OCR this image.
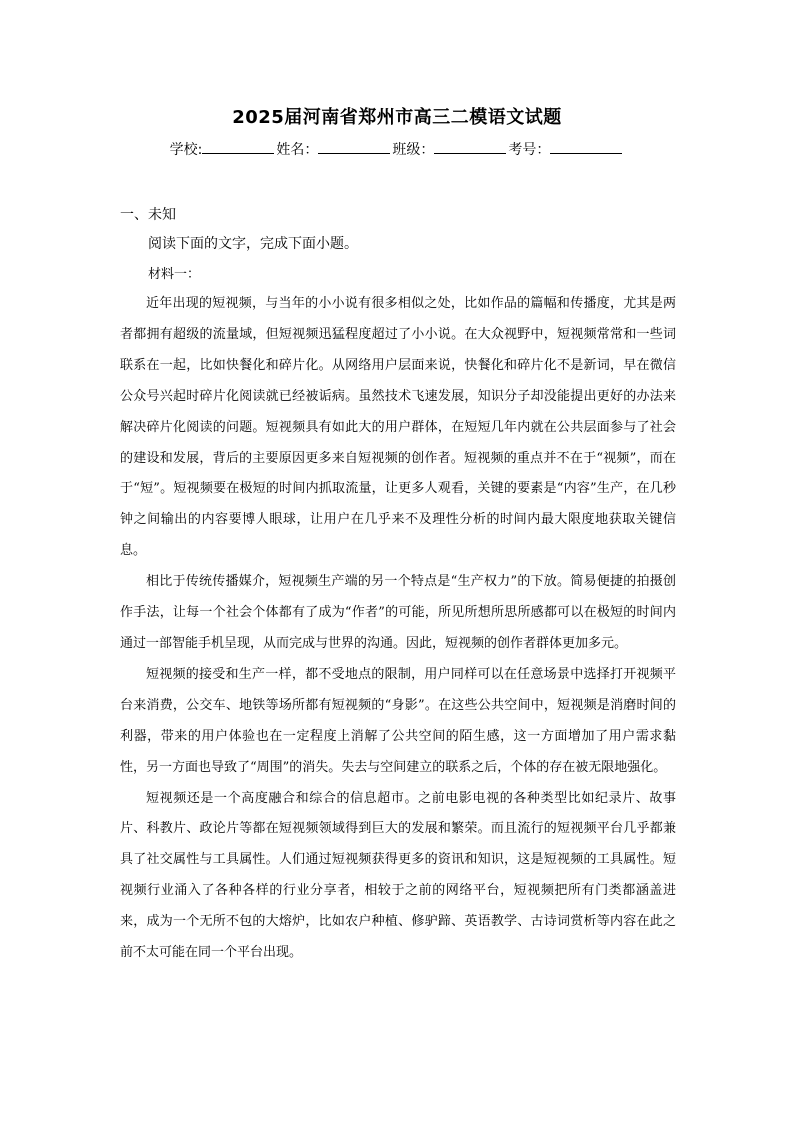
2025届河南省郑州市高三二模语文试题
学校:	姓名：	班级：	考号：
一、未知
阅读下面的文字，完成下面小题。
材料一：

近年出现的短视频，与当年的小小说有很多相似之处，比如作品的篇幅和传播度，尤其是两者都拥有超级的流量域，但短视频迅猛程度超过了小小说。在大众视野中，短视频常常和一些词联系在一起，比如快餐化和碎片化。从网络用户层面来说，快餐化和碎片化不是新词，早在微信公众号兴起时碎片化阅读就已经被诟病。虽然技术飞速发展，知识分子却没能提出更好的办法来解决碎片化阅读的问题。短视频具有如此大的用户群体，在短短几年内就在公共层面参与了社会的建设和发展，背后的主要原因更多来自短视频的创作者。短视频的重点并不在于“视频”，而在于“短”。短视频要在极短的时间内抓取流量，让更多人观看，关键的要素是“内容”生产，在几秒钟之间输出的内容要博人眼球，让用户在几乎来不及理性分析的时间内最大限度地获取关键信息。

相比于传统传播媒介，短视频生产端的另一个特点是“生产权力”的下放。简易便捷的拍摄创作手法，让每一个社会个体都有了成为“作者”的可能，所见所想所思所感都可以在极短的时间内通过一部智能手机呈现，从而完成与世界的沟通。因此，短视频的创作者群体更加多元。

短视频的接受和生产一样，都不受地点的限制，用户同样可以在任意场景中选择打开视频平台来消费，公交车、地铁等场所都有短视频的“身影”。在这些公共空间中，短视频是消磨时间的利器，带来的用户体验也在一定程度上消解了公共空间的陌生感，这一方面增加了用户需求黏性，另一方面也导致了“周围”的消失。失去与空间建立的联系之后，个体的存在被无限地强化。

短视频还是一个高度融合和综合的信息超市。之前电影电视的各种类型比如纪录片、故事片、科教片、政论片等都在短视频领域得到巨大的发展和繁荣。而且流行的短视频平台几乎都兼具了社交属性与工具属性。人们通过短视频获得更多的资讯和知识，这是短视频的工具属性。短视频行业涌入了各种各样的行业分享者，相较于之前的网络平台，短视频把所有门类都涵盖进来，成为一个无所不包的大熔炉，比如农户种植、修驴蹄、英语教学、古诗词赏析等内容在此之前不太可能在同一个平台出现。
